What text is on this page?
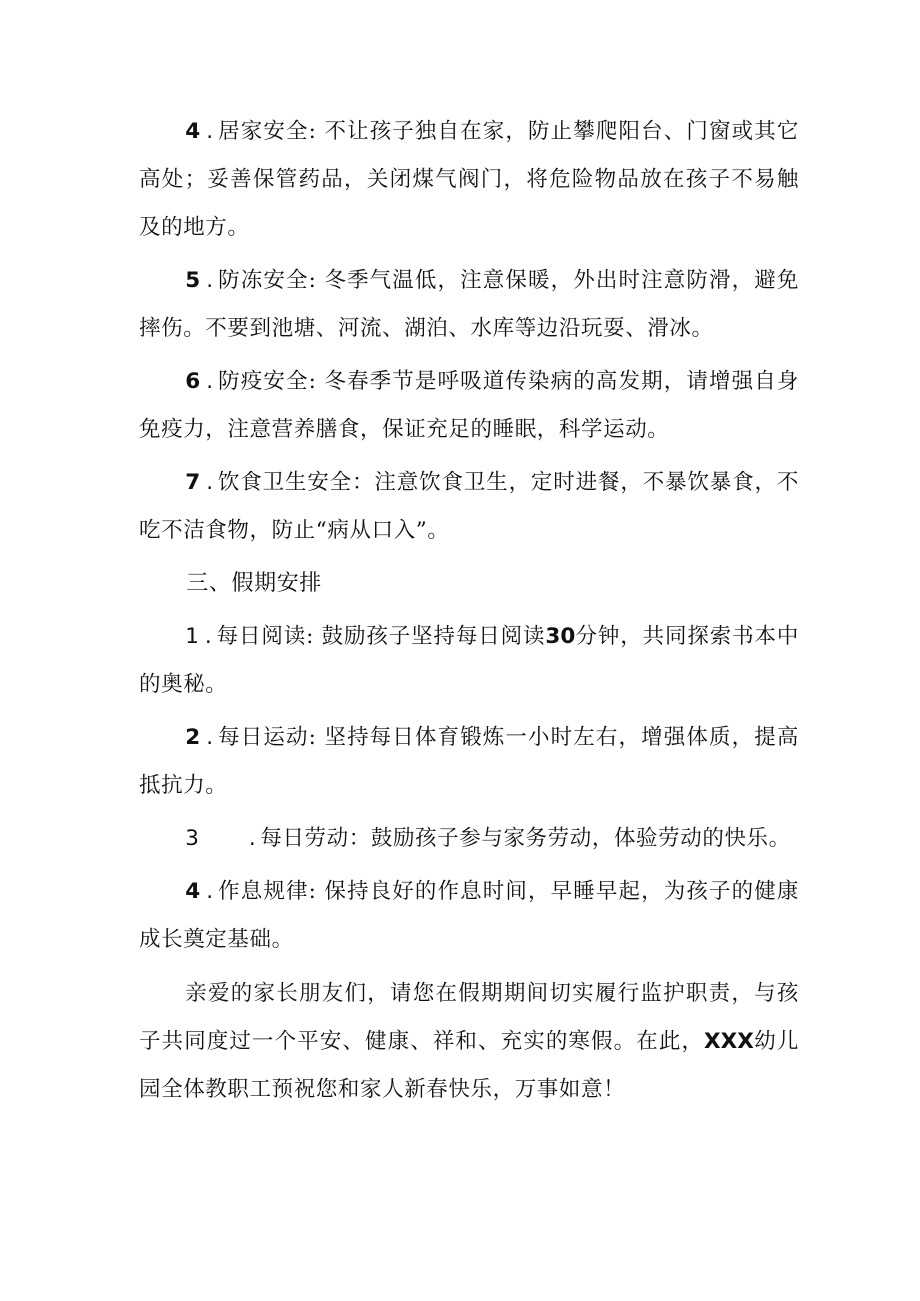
4 . 居家安全: 不让孩子独自在家，防止攀爬阳台、门窗或其它高处；妥善保管药品，关闭煤气阀门，将危险物品放在孩子不易触及的地方。

5 . 防冻安全: 冬季气温低，注意保暖，外出时注意防滑，避免摔伤。不要到池塘、河流、湖泊、水库等边沿玩耍、滑冰。

6 . 防疫安全: 冬春季节是呼吸道传染病的高发期，请增强自身免疫力，注意营养膳食，保证充足的睡眠，科学运动。

7 . 饮食卫生安全：注意饮食卫生，定时进餐，不暴饮暴食，不吃不洁食物，防止“病从口入”。

三、假期安排

1 . 每日阅读: 鼓励孩子坚持每日阅读30分钟，共同探索书本中的奥秘。

2 . 每日运动: 坚持每日体育锻炼一小时左右，增强体质，提高抵抗力。

3 . 每日劳动：鼓励孩子参与家务劳动，体验劳动的快乐。

4 . 作息规律: 保持良好的作息时间，早睡早起，为孩子的健康成长奠定基础。

亲爱的家长朋友们，请您在假期期间切实履行监护职责，与孩子共同度过一个平安、健康、祥和、充实的寒假。在此，XXX幼儿园全体教职工预祝您和家人新春快乐，万事如意！
